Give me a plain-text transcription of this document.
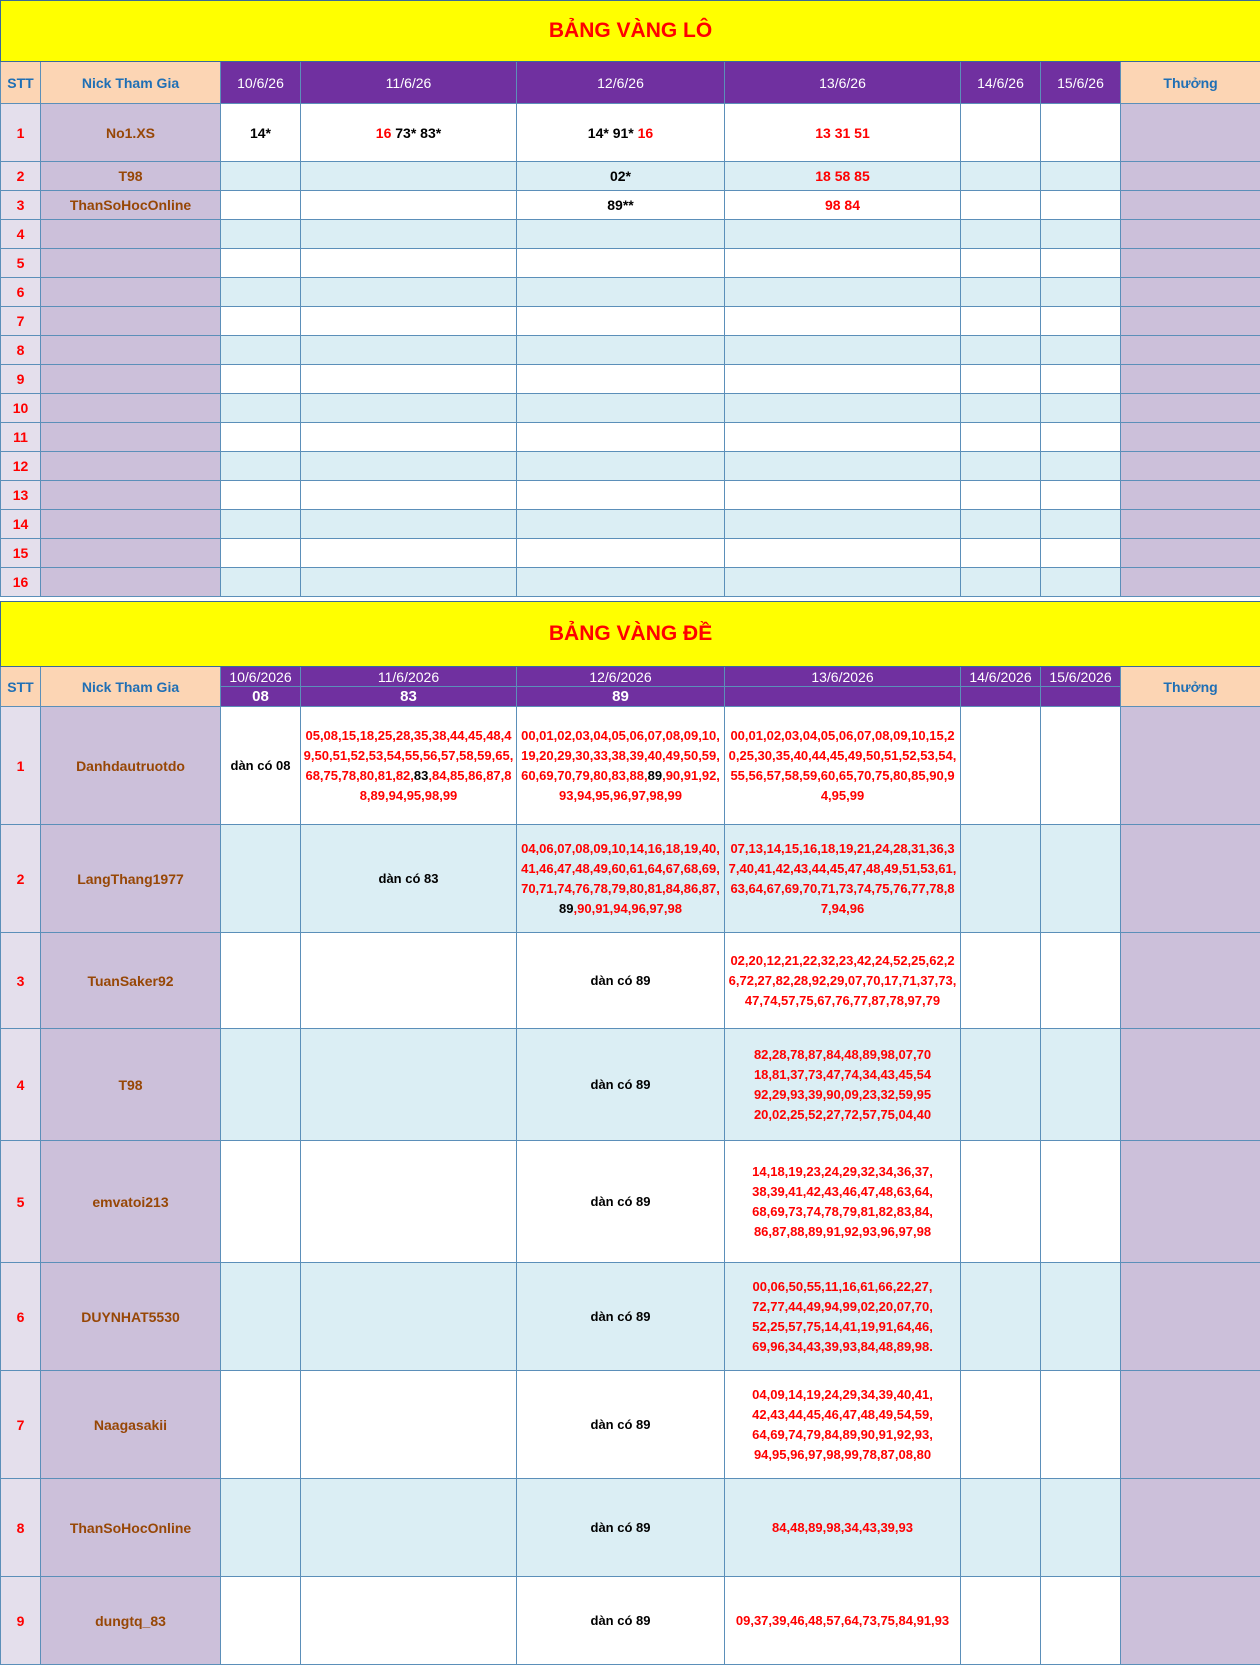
BẢNG VÀNG LÔ								
STT	Nick Tham Gia	10/6/26	11/6/26	12/6/26	13/6/26	14/6/26	15/6/26	Thưởng
1	No1.XS	14*	16 73* 83*	14* 91* 16	13 31 51			
2	T98			02*	18 58 85			
3	ThanSoHocOnline			89**	98 84			
4								
5								
6								
7								
8								
9								
10								
11								
12								
13								
14								
15								
16								
BẢNG VÀNG ĐỀ								
STT	Nick Tham Gia	10/6/2026	11/6/2026	12/6/2026	13/6/2026	14/6/2026	15/6/2026	Thưởng
		08	83	89				
1	Danhdautruotdo	dàn có 08	05,08,15,18,25,28,35,38,44,45,48,49,50,51,52,53,54,55,56,57,58,59,65,68,75,78,80,81,82,83,84,85,86,87,88,89,94,95,98,99	00,01,02,03,04,05,06,07,08,09,10,19,20,29,30,33,38,39,40,49,50,59,60,69,70,79,80,83,88,89,90,91,92,93,94,95,96,97,98,99	00,01,02,03,04,05,06,07,08,09,10,15,20,25,30,35,40,44,45,49,50,51,52,53,54,55,56,57,58,59,60,65,70,75,80,85,90,94,95,99			

2	LangThang1977		dàn có 83	04,06,07,08,09,10,14,16,18,19,40,41,46,47,48,49,60,61,64,67,68,69,70,71,74,76,78,79,80,81,84,86,87,89,90,91,94,96,97,98	07,13,14,15,16,18,19,21,24,28,31,36,37,40,41,42,43,44,45,47,48,49,51,53,61,63,64,67,69,70,71,73,74,75,76,77,78,87,94,96			

3	TuanSaker92			dàn có 89	02,20,12,21,22,32,23,42,24,52,25,62,26,72,27,82,28,92,29,07,70,17,71,37,73,47,74,57,75,67,76,77,87,78,97,79			

4	T98			dàn có 89	82,28,78,87,84,48,89,98,07,70 18,81,37,73,47,74,34,43,45,54 92,29,93,39,90,09,23,32,59,95 20,02,25,52,27,72,57,75,04,40			

5	emvatoi213			dàn có 89	14,18,19,23,24,29,32,34,36,37, 38,39,41,42,43,46,47,48,63,64, 68,69,73,74,78,79,81,82,83,84, 86,87,88,89,91,92,93,96,97,98			

6	DUYNHAT5530			dàn có 89	00,06,50,55,11,16,61,66,22,27, 72,77,44,49,94,99,02,20,07,70, 52,25,57,75,14,41,19,91,64,46, 69,96,34,43,39,93,84,48,89,98.			

7	Naagasakii			dàn có 89	04,09,14,19,24,29,34,39,40,41, 42,43,44,45,46,47,48,49,54,59, 64,69,74,79,84,89,90,91,92,93, 94,95,96,97,98,99,78,87,08,80			

8	ThanSoHocOnline			dàn có 89	84,48,89,98,34,43,39,93			

9	dungtq_83			dàn có 89	09,37,39,46,48,57,64,73,75,84,91,93			
